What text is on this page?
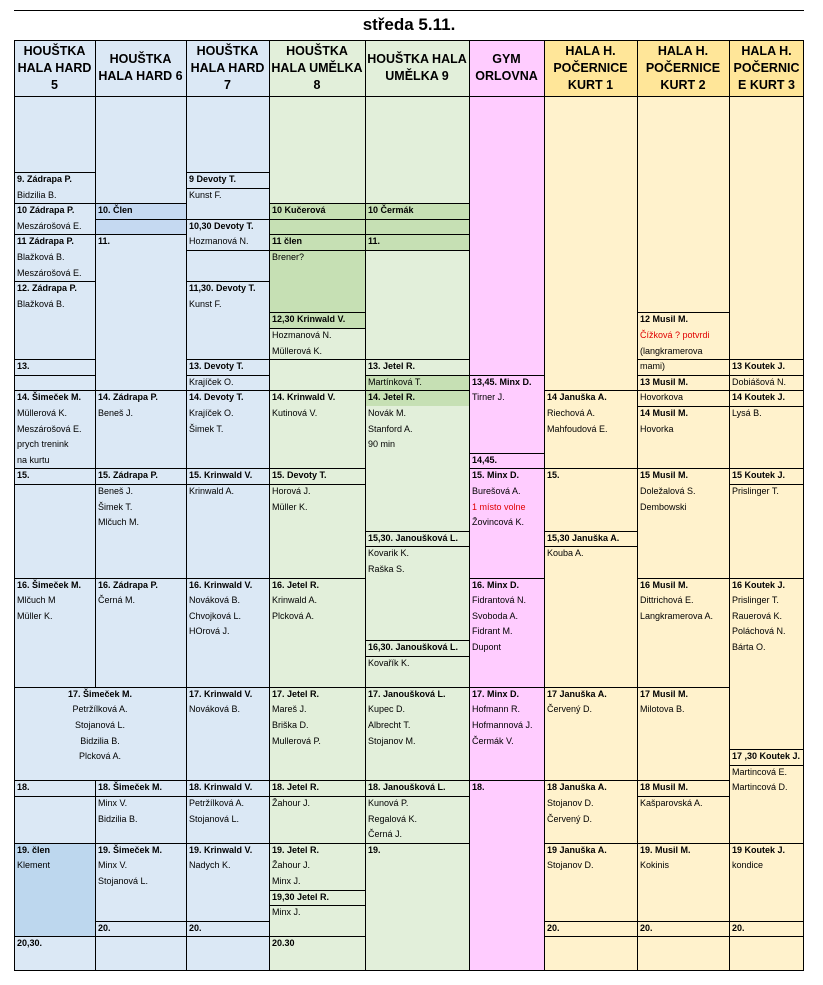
středa 5.11.
HOUŠTKA HALA HARD 5
HOUŠTKA HALA HARD 6
HOUŠTKA HALA HARD 7
HOUŠTKA HALA UMĚLKA 8
HOUŠTKA HALA UMĚLKA 9
GYM ORLOVNA
HALA H. POČERNICE KURT 1
HALA H. POČERNICE KURT 2
HALA H. POČERNIC E KURT 3
9. Zádrapa P.
Bidzilia B.
10 Zádrapa P.
Meszárošová E.
11 Zádrapa P.
Blažková B.
Meszárošová E.
12. Zádrapa P.
Blažková B.
13.
14. Šimeček M.
Müllerová K.
Meszárošová E.
prych trenink
na kurtu
15.
16. Šimeček M.
Mlčuch M
Müller K.
17. Šimeček M.
Petržílková A.
Stojanová L.
Bidzilia B.
Plcková A.
18.
19. člen
Klement
20,30.
10. Člen
11.
14. Zádrapa P.
Beneš J.
15. Zádrapa P.
Beneš J.
Šimek T.
Mlčuch M.
16. Zádrapa P.
Černá M.
18. Šimeček M.
Minx V.
Bidzilia B.
19. Šimeček M.
Minx V.
Stojanová L.
20.
9 Devoty T.
Kunst F.
10,30 Devoty T.
Hozmanová N.
11,30. Devoty T.
Kunst F.
13. Devoty T.
Krajíček O.
14. Devoty T.
Krajíček O.
Šimek T.
15. Krinwald V.
Krinwald A.
16. Krinwald V.
Nováková B.
Chvojková L.
HOrová J.
17. Krinwald V.
Nováková B.
18. Krinwald V.
Petržílková A.
Stojanová L.
19. Krinwald V.
Nadych K.
20.
10 Kučerová
11 člen
Brener?
12,30 Krinwald V.
Hozmanová N.
Müllerová K.
14. Krinwald V.
Kutinová V.
15. Devoty T.
Horová J.
Müller K.
16. Jetel R.
Krinwald A.
Plcková A.
17. Jetel R.
Mareš J.
Briška D.
Mullerová P.
18. Jetel R.
Žahour J.
19. Jetel R.
Žahour J.
Minx J.
19,30 Jetel R.
Minx J.
20.30
10 Čermák
11.
13. Jetel R.
Martínková T.
14. Jetel R.
Novák M.
Stanford A.
90 min
15,30. Janoušková L.
Kovarik K.
Raška S.
16,30. Janoušková L.
Kovařík K.
17. Janoušková L.
Kupec D.
Albrecht T.
Stojanov M.
18. Janoušková L.
Kunová P.
Regalová K.
Černá J.
19.
13,45. Minx D.
Tirner J.
14,45.
15. Minx D.
Burešová A.
1 místo volne
Žovincová K.
16. Minx D.
Fidrantová N.
Svoboda A.
Fidrant M.
Dupont
17. Minx D.
Hofmann R.
Hofmannová J.
Čermák V.
18.
14 Januška A.
Riechová A.
Mahfoudová E.
15.
15,30 Januška A.
Kouba A.
17 Januška A.
Červený D.
18 Januška A.
Stojanov D.
Červený D.
19 Januška A.
Stojanov D.
20.
12 Musil M.
Čížková ? potvrdi
(langkramerova
mami)
13 Musil M.
Hovorkova
14 Musil M.
Hovorka
15 Musil M.
Doležalová S.
Dembowski
16 Musil M.
Dittrichová E.
Langkramerova A.
17 Musil M.
Milotova B.
18 Musil M.
Kašparovská A.
19. Musil M.
Kokinis
20.
13 Koutek J.
Dobiášová N.
14 Koutek J.
Lysá B.
15 Koutek J.
Prislinger T.
16 Koutek J.
Prislinger T.
Rauerová K.
Poláchová N.
Bárta O.
17 ,30 Koutek J.
Martincová E.
Martincová D.
19 Koutek J.
kondice
20.
